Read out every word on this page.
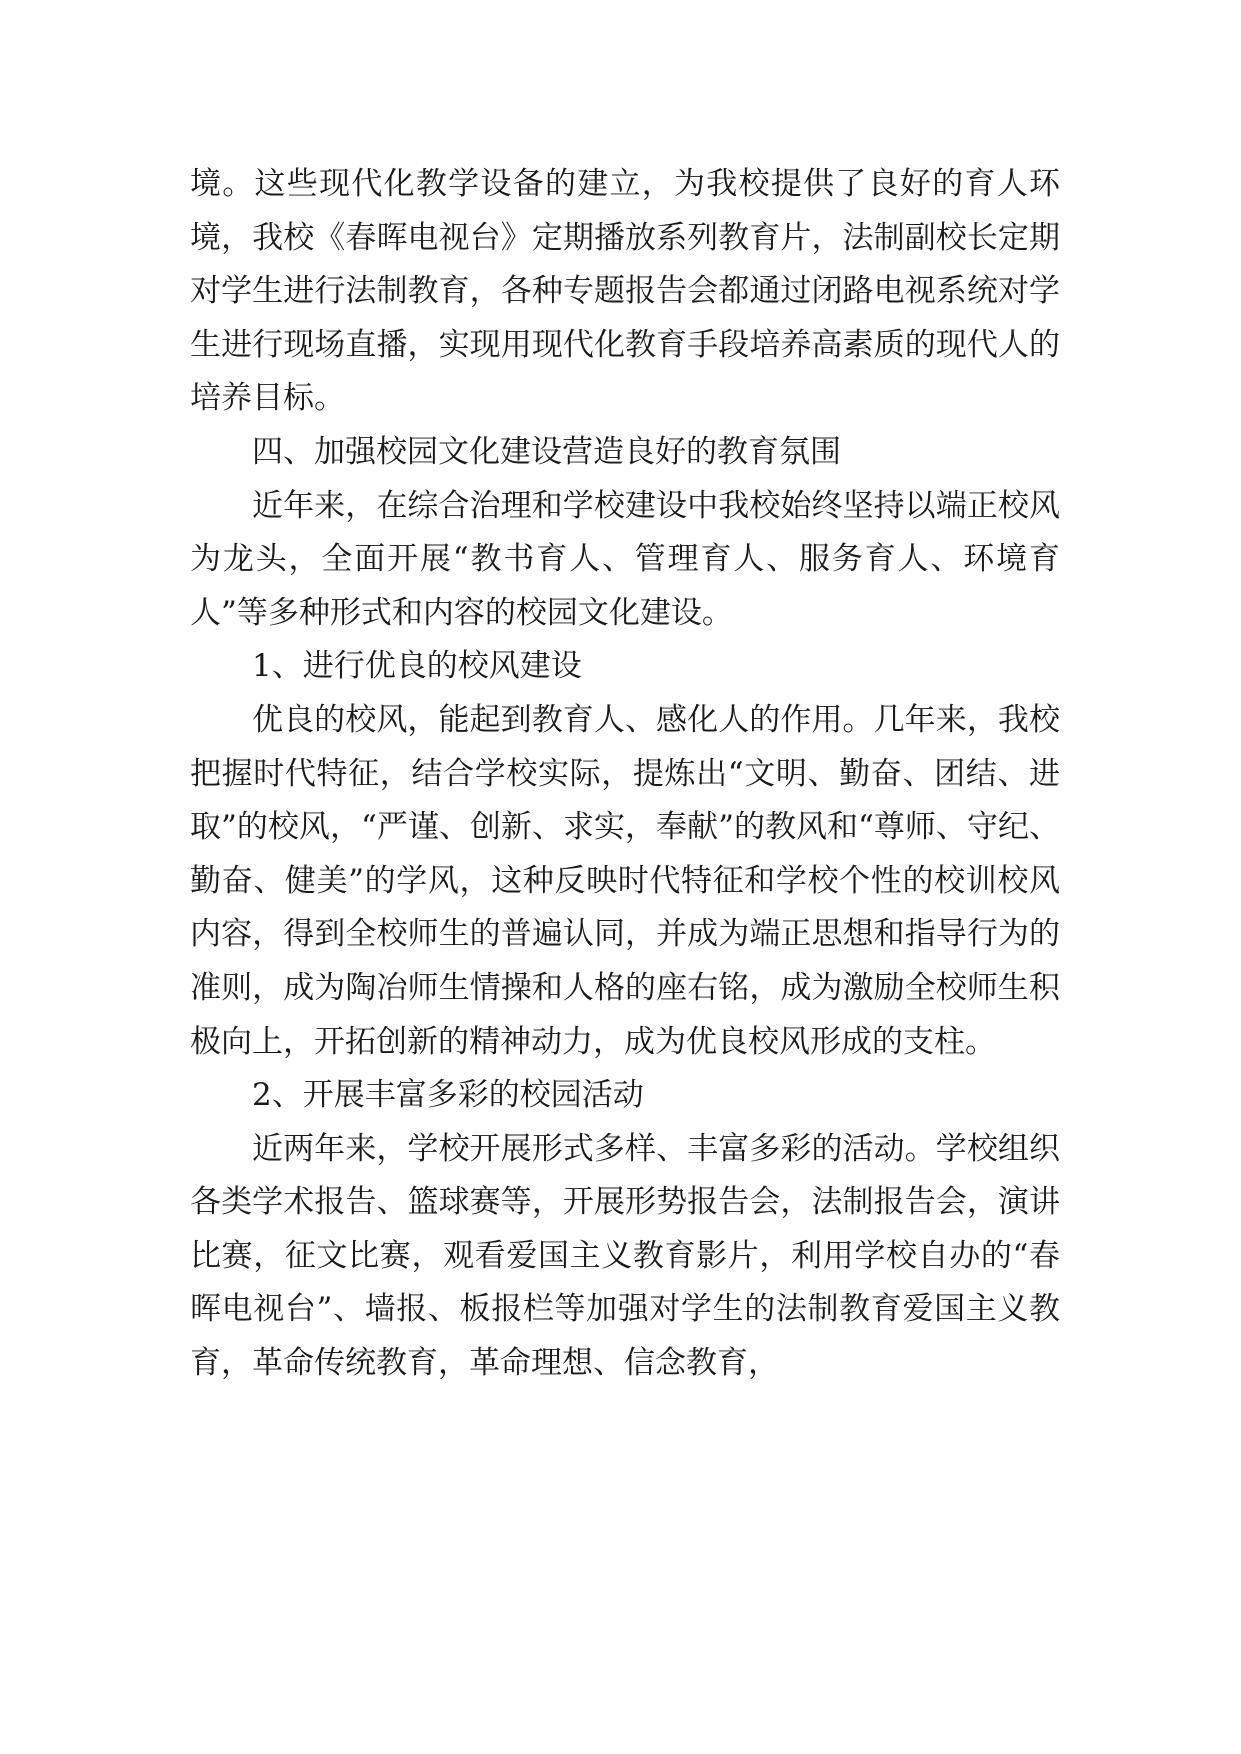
境。这些现代化教学设备的建立，为我校提供了良好的育人环境，我校《春晖电视台》定期播放系列教育片，法制副校长定期对学生进行法制教育，各种专题报告会都通过闭路电视系统对学生进行现场直播，实现用现代化教育手段培养高素质的现代人的培养目标。

四、加强校园文化建设营造良好的教育氛围

近年来，在综合治理和学校建设中我校始终坚持以端正校风为龙头，全面开展“教书育人、管理育人、服务育人、环境育人”等多种形式和内容的校园文化建设。

1、进行优良的校风建设

优良的校风，能起到教育人、感化人的作用。几年来，我校把握时代特征，结合学校实际，提炼出“文明、勤奋、团结、进取”的校风，“严谨、创新、求实，奉献”的教风和“尊师、守纪、勤奋、健美”的学风，这种反映时代特征和学校个性的校训校风内容，得到全校师生的普遍认同，并成为端正思想和指导行为的准则，成为陶冶师生情操和人格的座右铭，成为激励全校师生积极向上，开拓创新的精神动力，成为优良校风形成的支柱。

2、开展丰富多彩的校园活动

近两年来，学校开展形式多样、丰富多彩的活动。学校组织各类学术报告、篮球赛等，开展形势报告会，法制报告会，演讲比赛，征文比赛，观看爱国主义教育影片，利用学校自办的“春晖电视台”、墙报、板报栏等加强对学生的法制教育爱国主义教育，革命传统教育，革命理想、信念教育，
